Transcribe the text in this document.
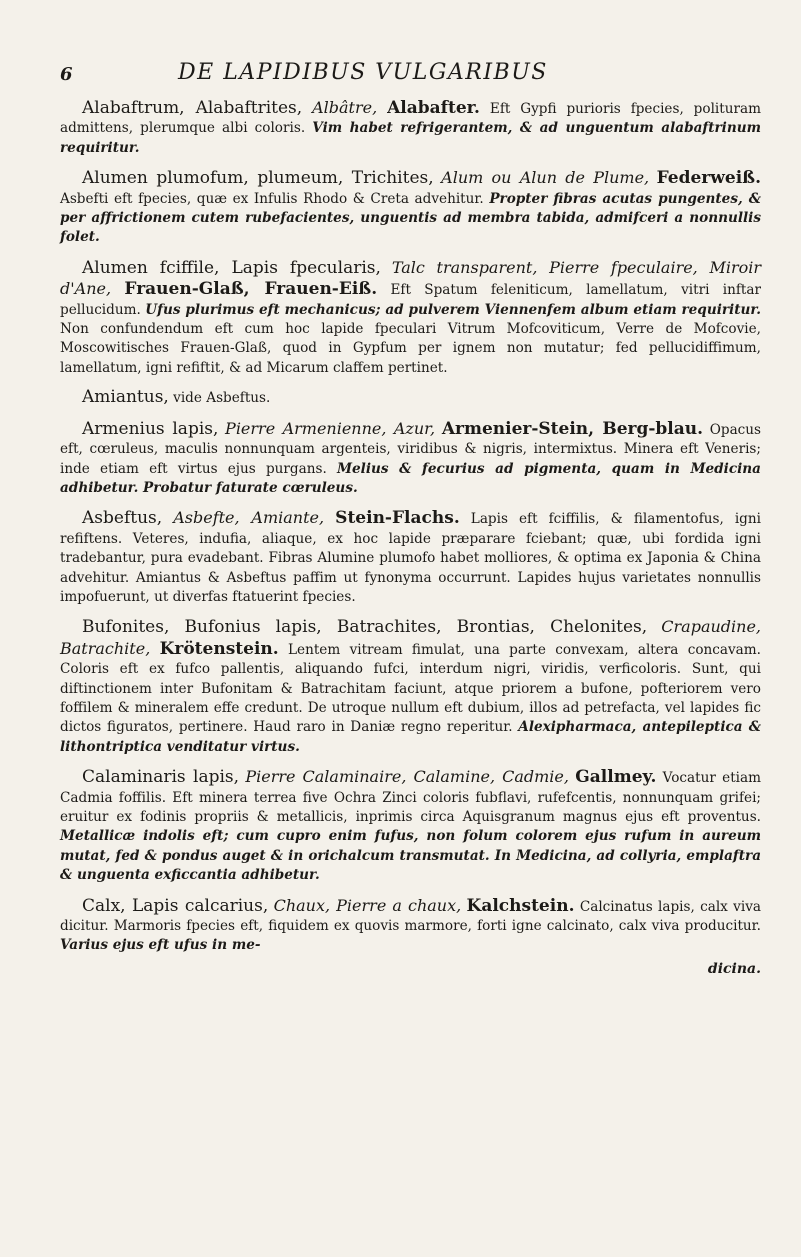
6	DE LAPIDIBUS VULGARIBUS

Alabaftrum, Alabaftrites, Albâtre, Alabafter. Eft Gypfi purioris fpecies, polituram admittens, plerumque albi coloris. Vim habet refrigerantem, & ad unguentum alabaftrinum requiritur.

Alumen plumofum, plumeum, Trichites, Alum ou Alun de Plume, Federweiß. Asbefti eft fpecies, quæ ex Infulis Rhodo & Creta advehitur. Propter fibras acutas pungentes, & per affrictionem cutem rubefacientes, unguentis ad membra tabida, admifceri a nonnullis folet.

Alumen fciffile, Lapis fpecularis, Talc transparent, Pierre fpeculaire, Miroir d'Ane, Frauen-Glaß, Frauen-Eiß. Eft Spatum feleniticum, lamellatum, vitri inftar pellucidum. Ufus plurimus eft mechanicus; ad pulverem Viennenfem album etiam requiritur. Non confundendum eft cum hoc lapide fpeculari Vitrum Mofcoviticum, Verre de Mofcovie, Moscowitisches Frauen-Glaß, quod in Gypfum per ignem non mutatur; fed pellucidiffimum, lamellatum, igni refiftit, & ad Micarum claffem pertinet.

Amiantus, vide Asbeftus.

Armenius lapis, Pierre Armenienne, Azur, Armenier-Stein, Berg-blau. Opacus eft, cœruleus, maculis nonnunquam argenteis, viridibus & nigris, intermixtus. Minera eft Veneris; inde etiam eft virtus ejus purgans. Melius & fecurius ad pigmenta, quam in Medicina adhibetur. Probatur faturate cœruleus.

Asbeftus, Asbefte, Amiante, Stein-Flachs. Lapis eft fciffilis, & filamentofus, igni refiftens. Veteres, indufia, aliaque, ex hoc lapide præparare fciebant; quæ, ubi fordida igni tradebantur, pura evadebant. Fibras Alumine plumofo habet molliores, & optima ex Japonia & China advehitur. Amiantus & Asbeftus paffim ut fynonyma occurrunt. Lapides hujus varietates nonnullis impofuerunt, ut diverfas ftatuerint fpecies.

Bufonites, Bufonius lapis, Batrachites, Brontias, Chelonites, Crapaudine, Batrachite, Krötenstein. Lentem vitream fimulat, una parte convexam, altera concavam. Coloris eft ex fufco pallentis, aliquando fufci, interdum nigri, viridis, verficoloris. Sunt, qui diftinctionem inter Bufonitam & Batrachitam faciunt, atque priorem a bufone, pofteriorem vero foffilem & mineralem effe credunt. De utroque nullum eft dubium, illos ad petrefacta, vel lapides fic dictos figuratos, pertinere. Haud raro in Daniæ regno reperitur. Alexipharmaca, antepileptica & lithontriptica venditatur virtus.

Calaminaris lapis, Pierre Calaminaire, Calamine, Cadmie, Gallmey. Vocatur etiam Cadmia foffilis. Eft minera terrea five Ochra Zinci coloris fubflavi, rufefcentis, nonnunquam grifei; eruitur ex fodinis propriis & metallicis, inprimis circa Aquisgranum magnus ejus eft proventus. Metallicæ indolis eft; cum cupro enim fufus, non folum colorem ejus rufum in aureum mutat, fed & pondus auget & in orichalcum transmutat. In Medicina, ad collyria, emplaftra & unguenta exficcantia adhibetur.

Calx, Lapis calcarius, Chaux, Pierre a chaux, Kalchstein. Calcinatus lapis, calx viva dicitur. Marmoris fpecies eft, fiquidem ex quovis marmore, forti igne calcinato, calx viva producitur. Varius ejus eft ufus in me-

dicina.
